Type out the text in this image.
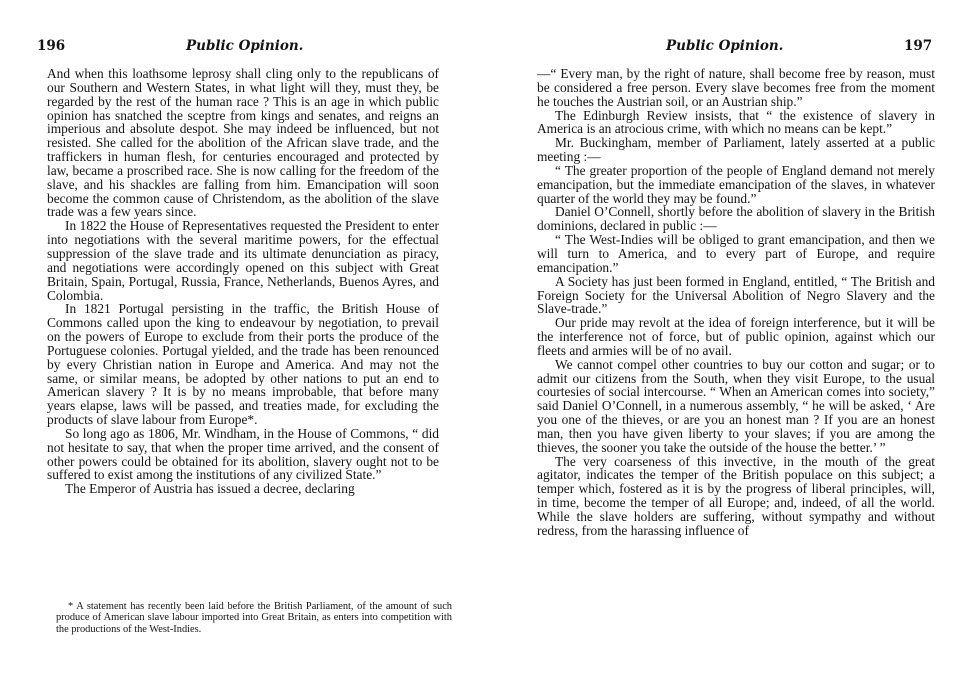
196	Public Opinion.

And when this loathsome leprosy shall cling only to the republicans of our Southern and Western States, in what light will they, must they, be regarded by the rest of the human race ? This is an age in which public opinion has snatched the sceptre from kings and senates, and reigns an imperious and absolute despot. She may indeed be influenced, but not resisted. She called for the abolition of the African slave trade, and the traffickers in human flesh, for centuries encouraged and protected by law, became a proscribed race. She is now calling for the freedom of the slave, and his shackles are falling from him. Emancipation will soon become the common cause of Christendom, as the abolition of the slave trade was a few years since.

In 1822 the House of Representatives requested the President to enter into negotiations with the several maritime powers, for the effectual suppression of the slave trade and its ultimate denunciation as piracy, and negotiations were accordingly opened on this subject with Great Britain, Spain, Portugal, Russia, France, Netherlands, Buenos Ayres, and Colombia.

In 1821 Portugal persisting in the traffic, the British House of Commons called upon the king to endeavour by negotiation, to prevail on the powers of Europe to exclude from their ports the produce of the Portuguese colonies. Portugal yielded, and the trade has been renounced by every Christian nation in Europe and America. And may not the same, or similar means, be adopted by other nations to put an end to American slavery ? It is by no means improbable, that before many years elapse, laws will be passed, and treaties made, for excluding the products of slave labour from Europe*.

So long ago as 1806, Mr. Windham, in the House of Commons, “ did not hesitate to say, that when the proper time arrived, and the consent of other powers could be obtained for its abolition, slavery ought not to be suffered to exist among the institutions of any civilized State.”

The Emperor of Austria has issued a decree, declaring

* A statement has recently been laid before the British Parliament, of the amount of such produce of American slave labour imported into Great Britain, as enters into competition with the productions of the West-Indies.
Public Opinion.	197

—“ Every man, by the right of nature, shall become free by reason, must be considered a free person. Every slave becomes free from the moment he touches the Austrian soil, or an Austrian ship.”

The Edinburgh Review insists, that “ the existence of slavery in America is an atrocious crime, with which no means can be kept.”

Mr. Buckingham, member of Parliament, lately asserted at a public meeting :—

“ The greater proportion of the people of England demand not merely emancipation, but the immediate emancipation of the slaves, in whatever quarter of the world they may be found.”

Daniel O’Connell, shortly before the abolition of slavery in the British dominions, declared in public :—

“ The West-Indies will be obliged to grant emancipation, and then we will turn to America, and to every part of Europe, and require emancipation.”

A Society has just been formed in England, entitled, “ The British and Foreign Society for the Universal Abolition of Negro Slavery and the Slave-trade.”

Our pride may revolt at the idea of foreign interference, but it will be the interference not of force, but of public opinion, against which our fleets and armies will be of no avail.

We cannot compel other countries to buy our cotton and sugar; or to admit our citizens from the South, when they visit Europe, to the usual courtesies of social intercourse. “ When an American comes into society,” said Daniel O’Connell, in a numerous assembly, “ he will be asked, ‘ Are you one of the thieves, or are you an honest man ? If you are an honest man, then you have given liberty to your slaves; if you are among the thieves, the sooner you take the outside of the house the better.’ ”

The very coarseness of this invective, in the mouth of the great agitator, indicates the temper of the British populace on this subject; a temper which, fostered as it is by the progress of liberal principles, will, in time, become the temper of all Europe; and, indeed, of all the world. While the slave holders are suffering, without sympathy and without redress, from the harassing influence of
